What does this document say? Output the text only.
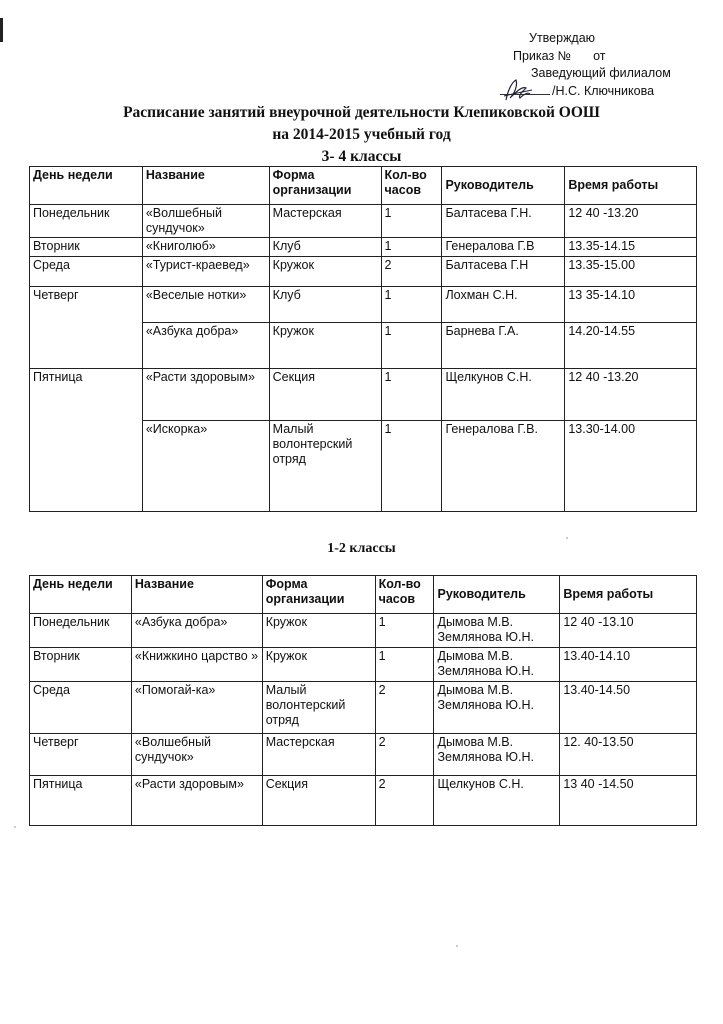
Утверждаю
Приказ № от
Заведующий филиалом
/Н.С. Ключникова
Расписание занятий внеурочной деятельности Клепиковской ООШ
на 2014-2015 учебный год
3- 4 классы
День недели	Название	Форма организации	Кол-во часов	Руководитель	Время работы
Понедельник	«Волшебный сундучок»	Мастерская	1	Балтасева Г.Н.	12 40 -13.20
Вторник	«Книголюб»	Клуб	1	Генералова Г.В	13.35-14.15
Среда	«Турист-краевед»	Кружок	2	Балтасева Г.Н	13.35-15.00
Четверг	«Веселые нотки»	Клуб	1	Лохман С.Н.	13 35-14.10
	«Азбука добра»	Кружок	1	Барнева Г.А.	14.20-14.55
Пятница	«Расти здоровым»	Секция	1	Щелкунов С.Н.	12 40 -13.20
	«Искорка»	Малый волонтерский отряд	1	Генералова Г.В.	13.30-14.00
1-2 классы
День недели	Название	Форма организации	Кол-во часов	Руководитель	Время работы
Понедельник	«Азбука добра»	Кружок	1	Дымова М.В. Землянова Ю.Н.	12 40 -13.10
Вторник	«Книжкино царство »	Кружок	1	Дымова М.В. Землянова Ю.Н.	13.40-14.10
Среда	«Помогай-ка»	Малый волонтерский отряд	2	Дымова М.В. Землянова Ю.Н.	13.40-14.50
Четверг	«Волшебный сундучок»	Мастерская	2	Дымова М.В. Землянова Ю.Н.	12. 40-13.50
Пятница	«Расти здоровым»	Секция	2	Щелкунов С.Н.	13 40 -14.50
